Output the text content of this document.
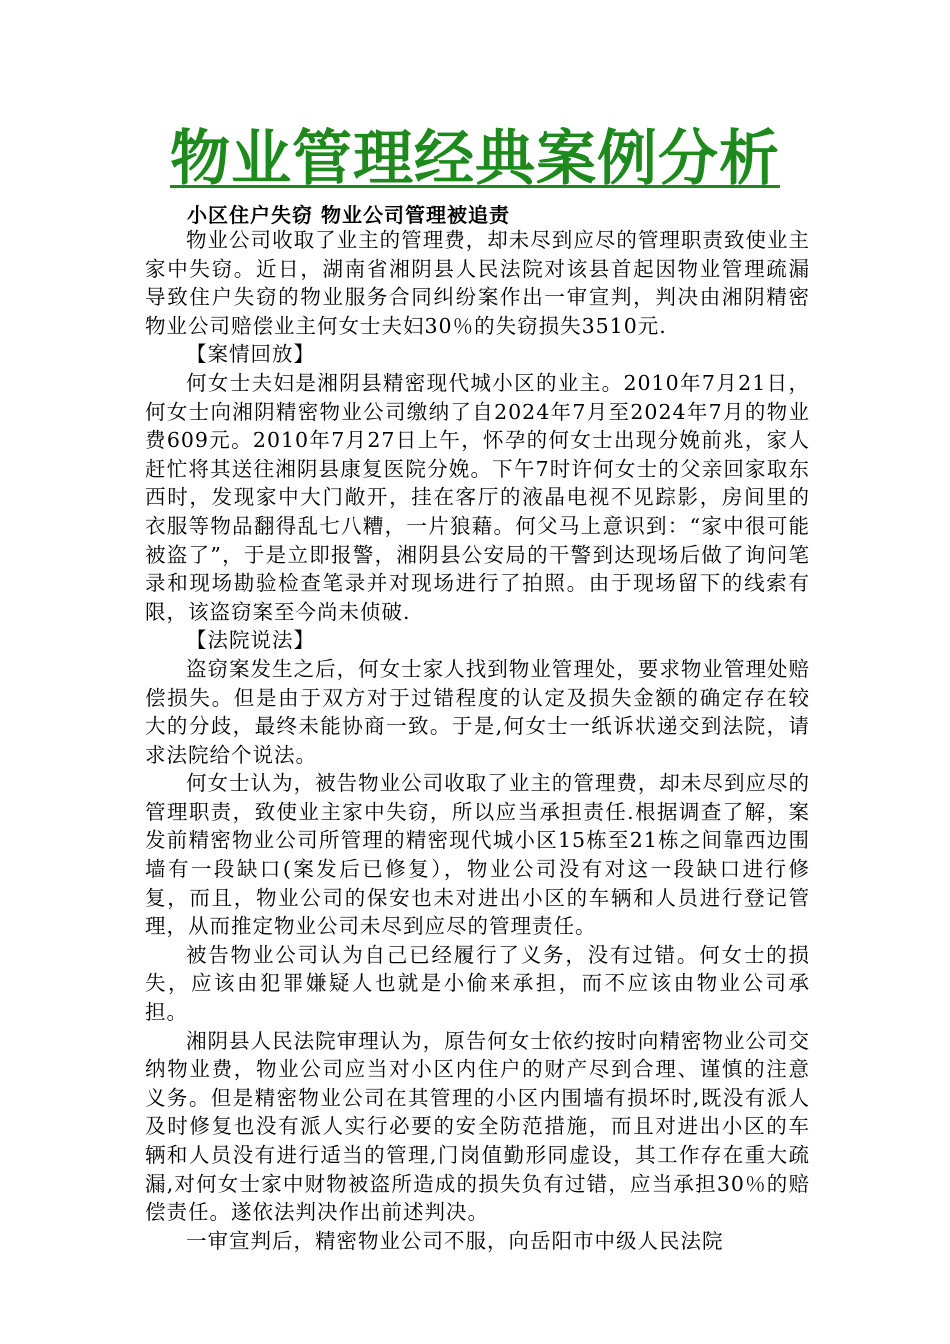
物业管理经典案例分析
小区住户失窃 物业公司管理被追责

物业公司收取了业主的管理费，却未尽到应尽的管理职责致使业主家中失窃。近日，湖南省湘阴县人民法院对该县首起因物业管理疏漏导致住户失窃的物业服务合同纠纷案作出一审宣判，判决由湘阴精密物业公司赔偿业主何女士夫妇30％的失窃损失3510元.

【案情回放】

何女士夫妇是湘阴县精密现代城小区的业主。2010年7月21日，何女士向湘阴精密物业公司缴纳了自2024年7月至2024年7月的物业费609元。2010年7月27日上午，怀孕的何女士出现分娩前兆，家人赶忙将其送往湘阴县康复医院分娩。下午7时许何女士的父亲回家取东西时，发现家中大门敞开，挂在客厅的液晶电视不见踪影，房间里的衣服等物品翻得乱七八糟，一片狼藉。何父马上意识到：“家中很可能被盗了”，于是立即报警，湘阴县公安局的干警到达现场后做了询问笔录和现场勘验检查笔录并对现场进行了拍照。由于现场留下的线索有限，该盗窃案至今尚未侦破.

【法院说法】

盗窃案发生之后，何女士家人找到物业管理处，要求物业管理处赔偿损失。但是由于双方对于过错程度的认定及损失金额的确定存在较大的分歧，最终未能协商一致。于是,何女士一纸诉状递交到法院，请求法院给个说法。

何女士认为，被告物业公司收取了业主的管理费，却未尽到应尽的管理职责，致使业主家中失窃，所以应当承担责任.根据调查了解，案发前精密物业公司所管理的精密现代城小区15栋至21栋之间靠西边围墙有一段缺口(案发后已修复），物业公司没有对这一段缺口进行修复，而且，物业公司的保安也未对进出小区的车辆和人员进行登记管理，从而推定物业公司未尽到应尽的管理责任。

被告物业公司认为自己已经履行了义务，没有过错。何女士的损失，应该由犯罪嫌疑人也就是小偷来承担，而不应该由物业公司承担。

湘阴县人民法院审理认为，原告何女士依约按时向精密物业公司交纳物业费，物业公司应当对小区内住户的财产尽到合理、谨慎的注意义务。但是精密物业公司在其管理的小区内围墙有损坏时,既没有派人及时修复也没有派人实行必要的安全防范措施，而且对进出小区的车辆和人员没有进行适当的管理,门岗值勤形同虚设，其工作存在重大疏漏,对何女士家中财物被盗所造成的损失负有过错，应当承担30％的赔偿责任。遂依法判决作出前述判决。

一审宣判后，精密物业公司不服，向岳阳市中级人民法院
